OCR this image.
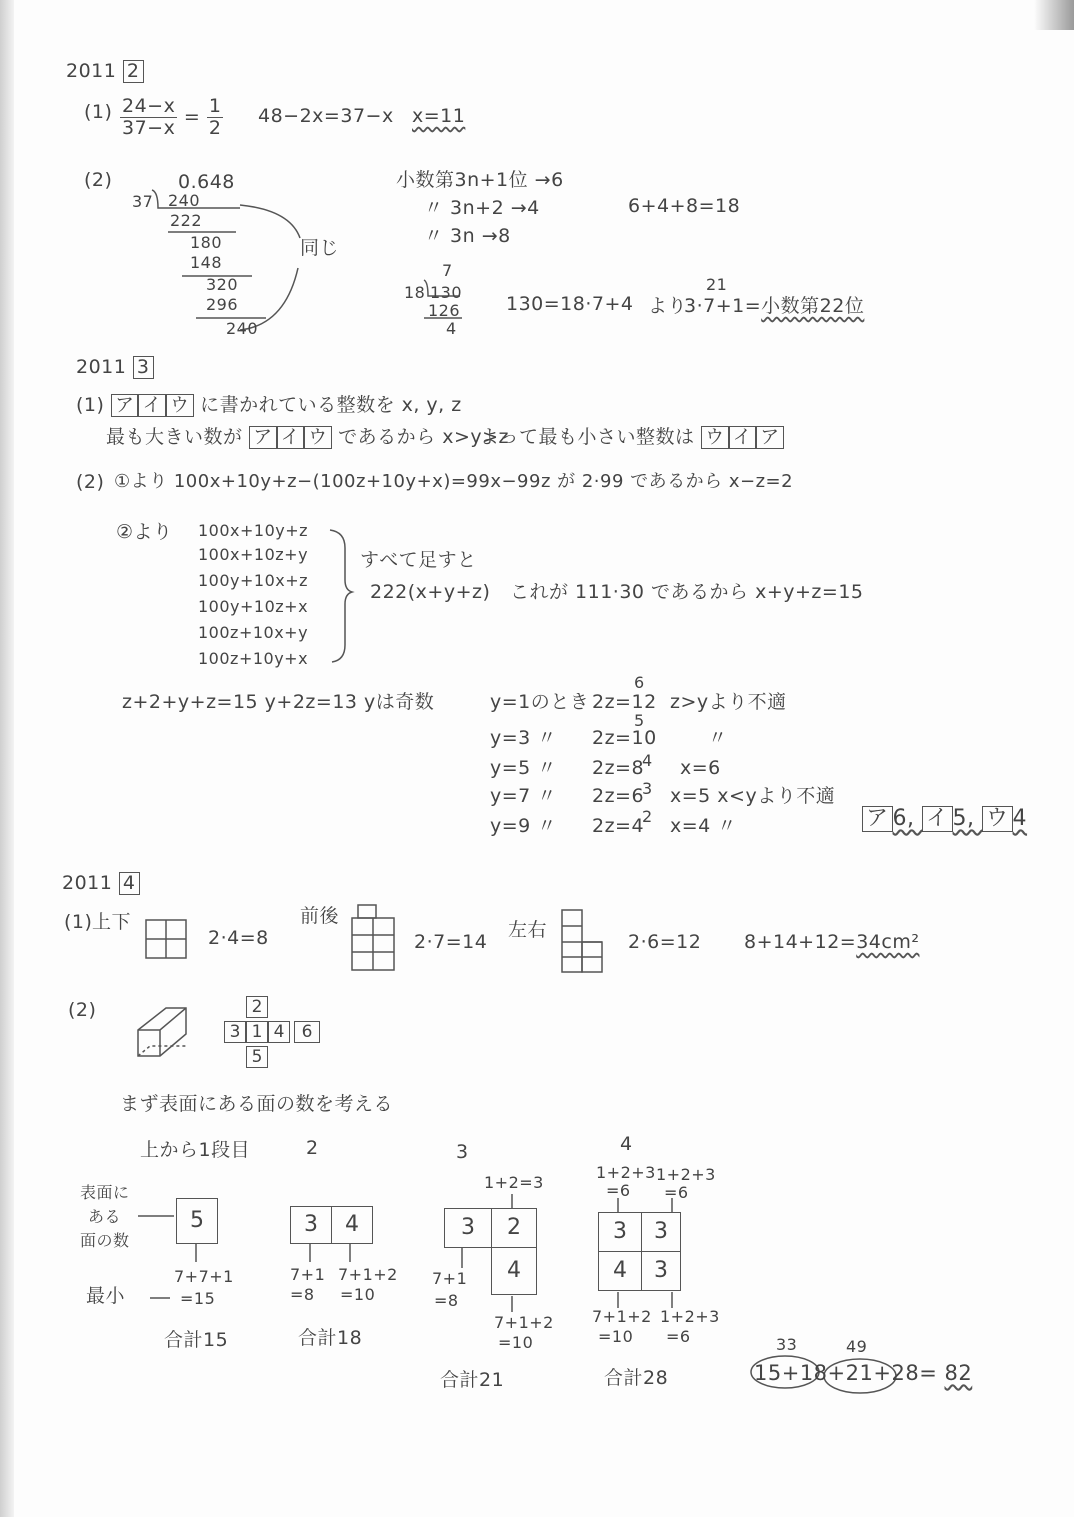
2011 2
$(1) \frac{24-x}{37-x} = \frac{1}{2} 48-2x=37-x$ x=11
(2)	0.648
37 240
222
180
148
320
296
240
同じ
小数第3n+1位 →6
〃 3n+2 →4
〃 3n →8
6+4+8=18
7
18 130
126
4
130=18·7+4 より
21
3·7+1=小数第22位
2011 3
(1) ア イ ウ に書かれている整数を x, y, z
最も大きい数が ア イ ウ であるから x>y>z
よって最も小さい整数は ウ イ ア
(2) ①より 100x+10y+z−(100z+10y+x)=99x−99z が 2·99 であるから x−z=2
②より 100x+10y+z
100x+10z+y
100y+10x+z
100y+10z+x
100z+10x+y
100z+10y+x
すべて足すと
222(x+y+z) これが 111·30 であるから x+y+z=15
z+2+y+z=15 y+2z=13 yは奇数	y=1のとき 2z=12
6
z>yより不適
y=3 〃 2z=10
5
〃
y=5 〃 2z=8
4 x=6
y=7 〃 2z=6
3 x=5 x<yより不適
y=9 〃 2z=4
2 x=4 〃	ア 6, イ 5, ウ 4
2011 4
(1) 上下
2·4=8
前後
2·7=14
左右
2·6=12 8+14+12=34cm²
(2)	2
3 1 4	6
5
まず表面にある面の数を考える
上から1段目	2	3	4
表面に
ある
面の数
最小
5
7+7+1
=15
合計15
3	4
7+1
=8
7+1+2
=10
合計18
1+2=3
3	2
4
7+1
=8
7+1+2
=10
合計21
1+2+3
=6
1+2+3
=6
3	3
4	3
7+1+2
=10
1+2+3
=6
合計28
33	49
15+18+21+28= 82
